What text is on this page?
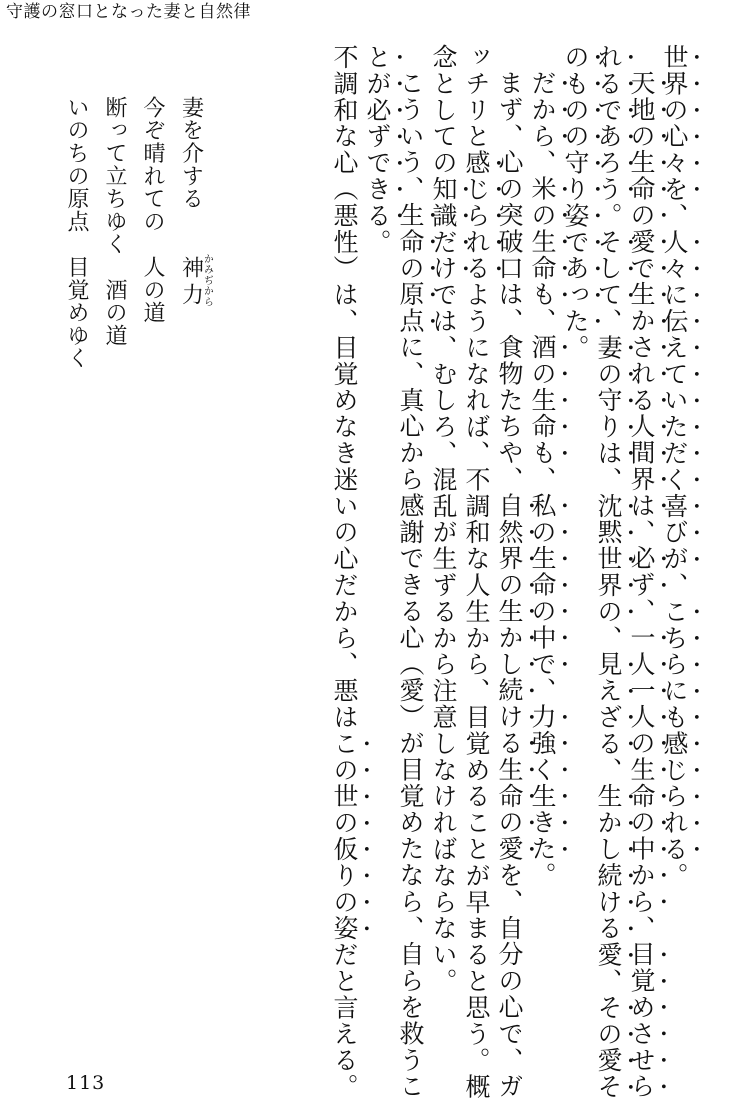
守護の窓口となった妻と自然律
世界の心々を、人々に伝えていただく喜びが、こちらにも感じられる。
天地の生命の愛で生かされる人間界は、必ず、一人一人の生命の中から、目覚めさせら
れるであろう。そして、妻の守りは、沈黙世界の、見えざる、生かし続ける愛、その愛そ
のものの守り姿であった。
だから、米の生命も、酒の生命も、私の生命の中で、力強く生きた。
まず、心の突破口は、食物たちや、自然界の生かし続ける生命の愛を、自分の心で、ガ
ッチリと感じられるようになれば、不調和な人生から、目覚めることが早まると思う。概
念としての知識だけでは、むしろ、混乱が生ずるから注意しなければならない。
こういう、生命の原点に、真心から感謝できる心（愛）が目覚めたなら、自らを救うこ
とが必ずできる。
不調和な心（悪性）は、目覚めなき迷いの心だから、悪はこの世の仮りの姿だと言える。
妻を介する　　神力かみぢから
今ぞ晴れての　人の道
断って立ちゆく　酒の道
いのちの原点　目覚めゆく
113
